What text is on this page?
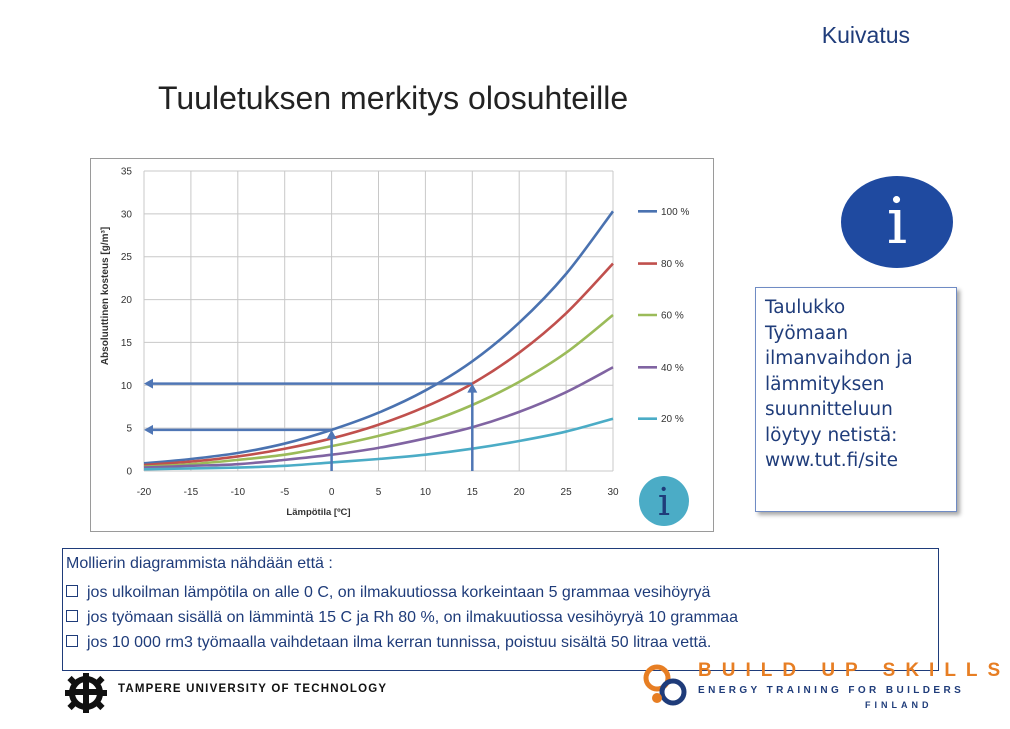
Kuivatus
Tuuletuksen merkitys olosuhteille
-20	-15	-10	-5	0	5	10	15	20	25	30
0
5
10
15
20
25
30
35
Absoluuttinen kosteus [g/m³]
Lämpötila [ºC]
100 %
80 %
60 %
40 %
20 %
i
i
Taulukko
Työmaan
ilmanvaihdon ja
lämmityksen
suunnitteluun
löytyy netistä:
www.tut.fi/site
Mollierin diagrammista nähdään että :
jos ulkoilman lämpötila on alle 0 C, on ilmakuutiossa korkeintaan 5 grammaa vesihöyryä
jos työmaan sisällä on lämmintä 15 C ja Rh 80 %, on ilmakuutiossa vesihöyryä 10 grammaa
jos 10 000 rm3 työmaalla vaihdetaan ilma kerran tunnissa, poistuu sisältä 50 litraa vettä.
TAMPERE UNIVERSITY OF TECHNOLOGY
BUILD UP SKILLS
ENERGY TRAINING FOR BUILDERS
FINLAND
